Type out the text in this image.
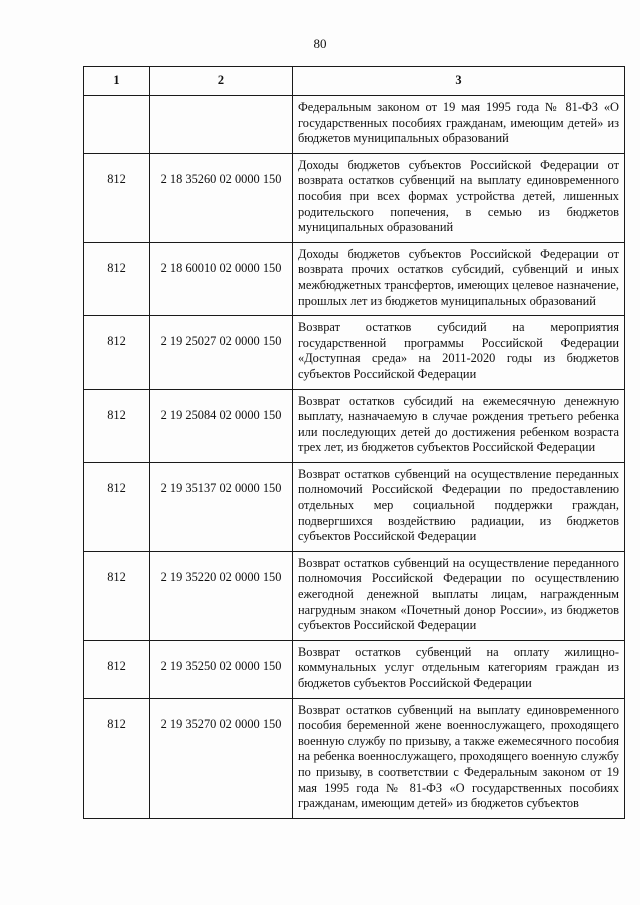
80
1	2	3
		Федеральным законом от 19 мая 1995 года № 81-ФЗ «О государственных пособиях гражданам, имеющим детей» из бюджетов муниципальных образований
812	2 18 35260 02 0000 150	Доходы бюджетов субъектов Российской Федерации от возврата остатков субвенций на выплату единовременного пособия при всех формах устройства детей, лишенных родительского попечения, в семью из бюджетов муниципальных образований
812	2 18 60010 02 0000 150	Доходы бюджетов субъектов Российской Федерации от возврата прочих остатков субсидий, субвенций и иных межбюджетных трансфертов, имеющих целевое назначение, прошлых лет из бюджетов муниципальных образований
812	2 19 25027 02 0000 150	Возврат остатков субсидий на мероприятия государственной программы Российской Федерации «Доступная среда» на 2011-2020 годы из бюджетов субъектов Российской Федерации
812	2 19 25084 02 0000 150	Возврат остатков субсидий на ежемесячную денежную выплату, назначаемую в случае рождения третьего ребенка или последующих детей до достижения ребенком возраста трех лет, из бюджетов субъектов Российской Федерации
812	2 19 35137 02 0000 150	Возврат остатков субвенций на осуществление переданных полномочий Российской Федерации по предоставлению отдельных мер социальной поддержки граждан, подвергшихся воздействию радиации, из бюджетов субъектов Российской Федерации
812	2 19 35220 02 0000 150	Возврат остатков субвенций на осуществление переданного полномочия Российской Федерации по осуществлению ежегодной денежной выплаты лицам, награжденным нагрудным знаком «Почетный донор России», из бюджетов субъектов Российской Федерации
812	2 19 35250 02 0000 150	Возврат остатков субвенций на оплату жилищно-коммунальных услуг отдельным категориям граждан из бюджетов субъектов Российской Федерации
812	2 19 35270 02 0000 150	Возврат остатков субвенций на выплату единовременного пособия беременной жене военнослужащего, проходящего военную службу по призыву, а также ежемесячного пособия на ребенка военнослужащего, проходящего военную службу по призыву, в соответствии с Федеральным законом от 19 мая 1995 года № 81-ФЗ «О государственных пособиях гражданам, имеющим детей» из бюджетов субъектов
